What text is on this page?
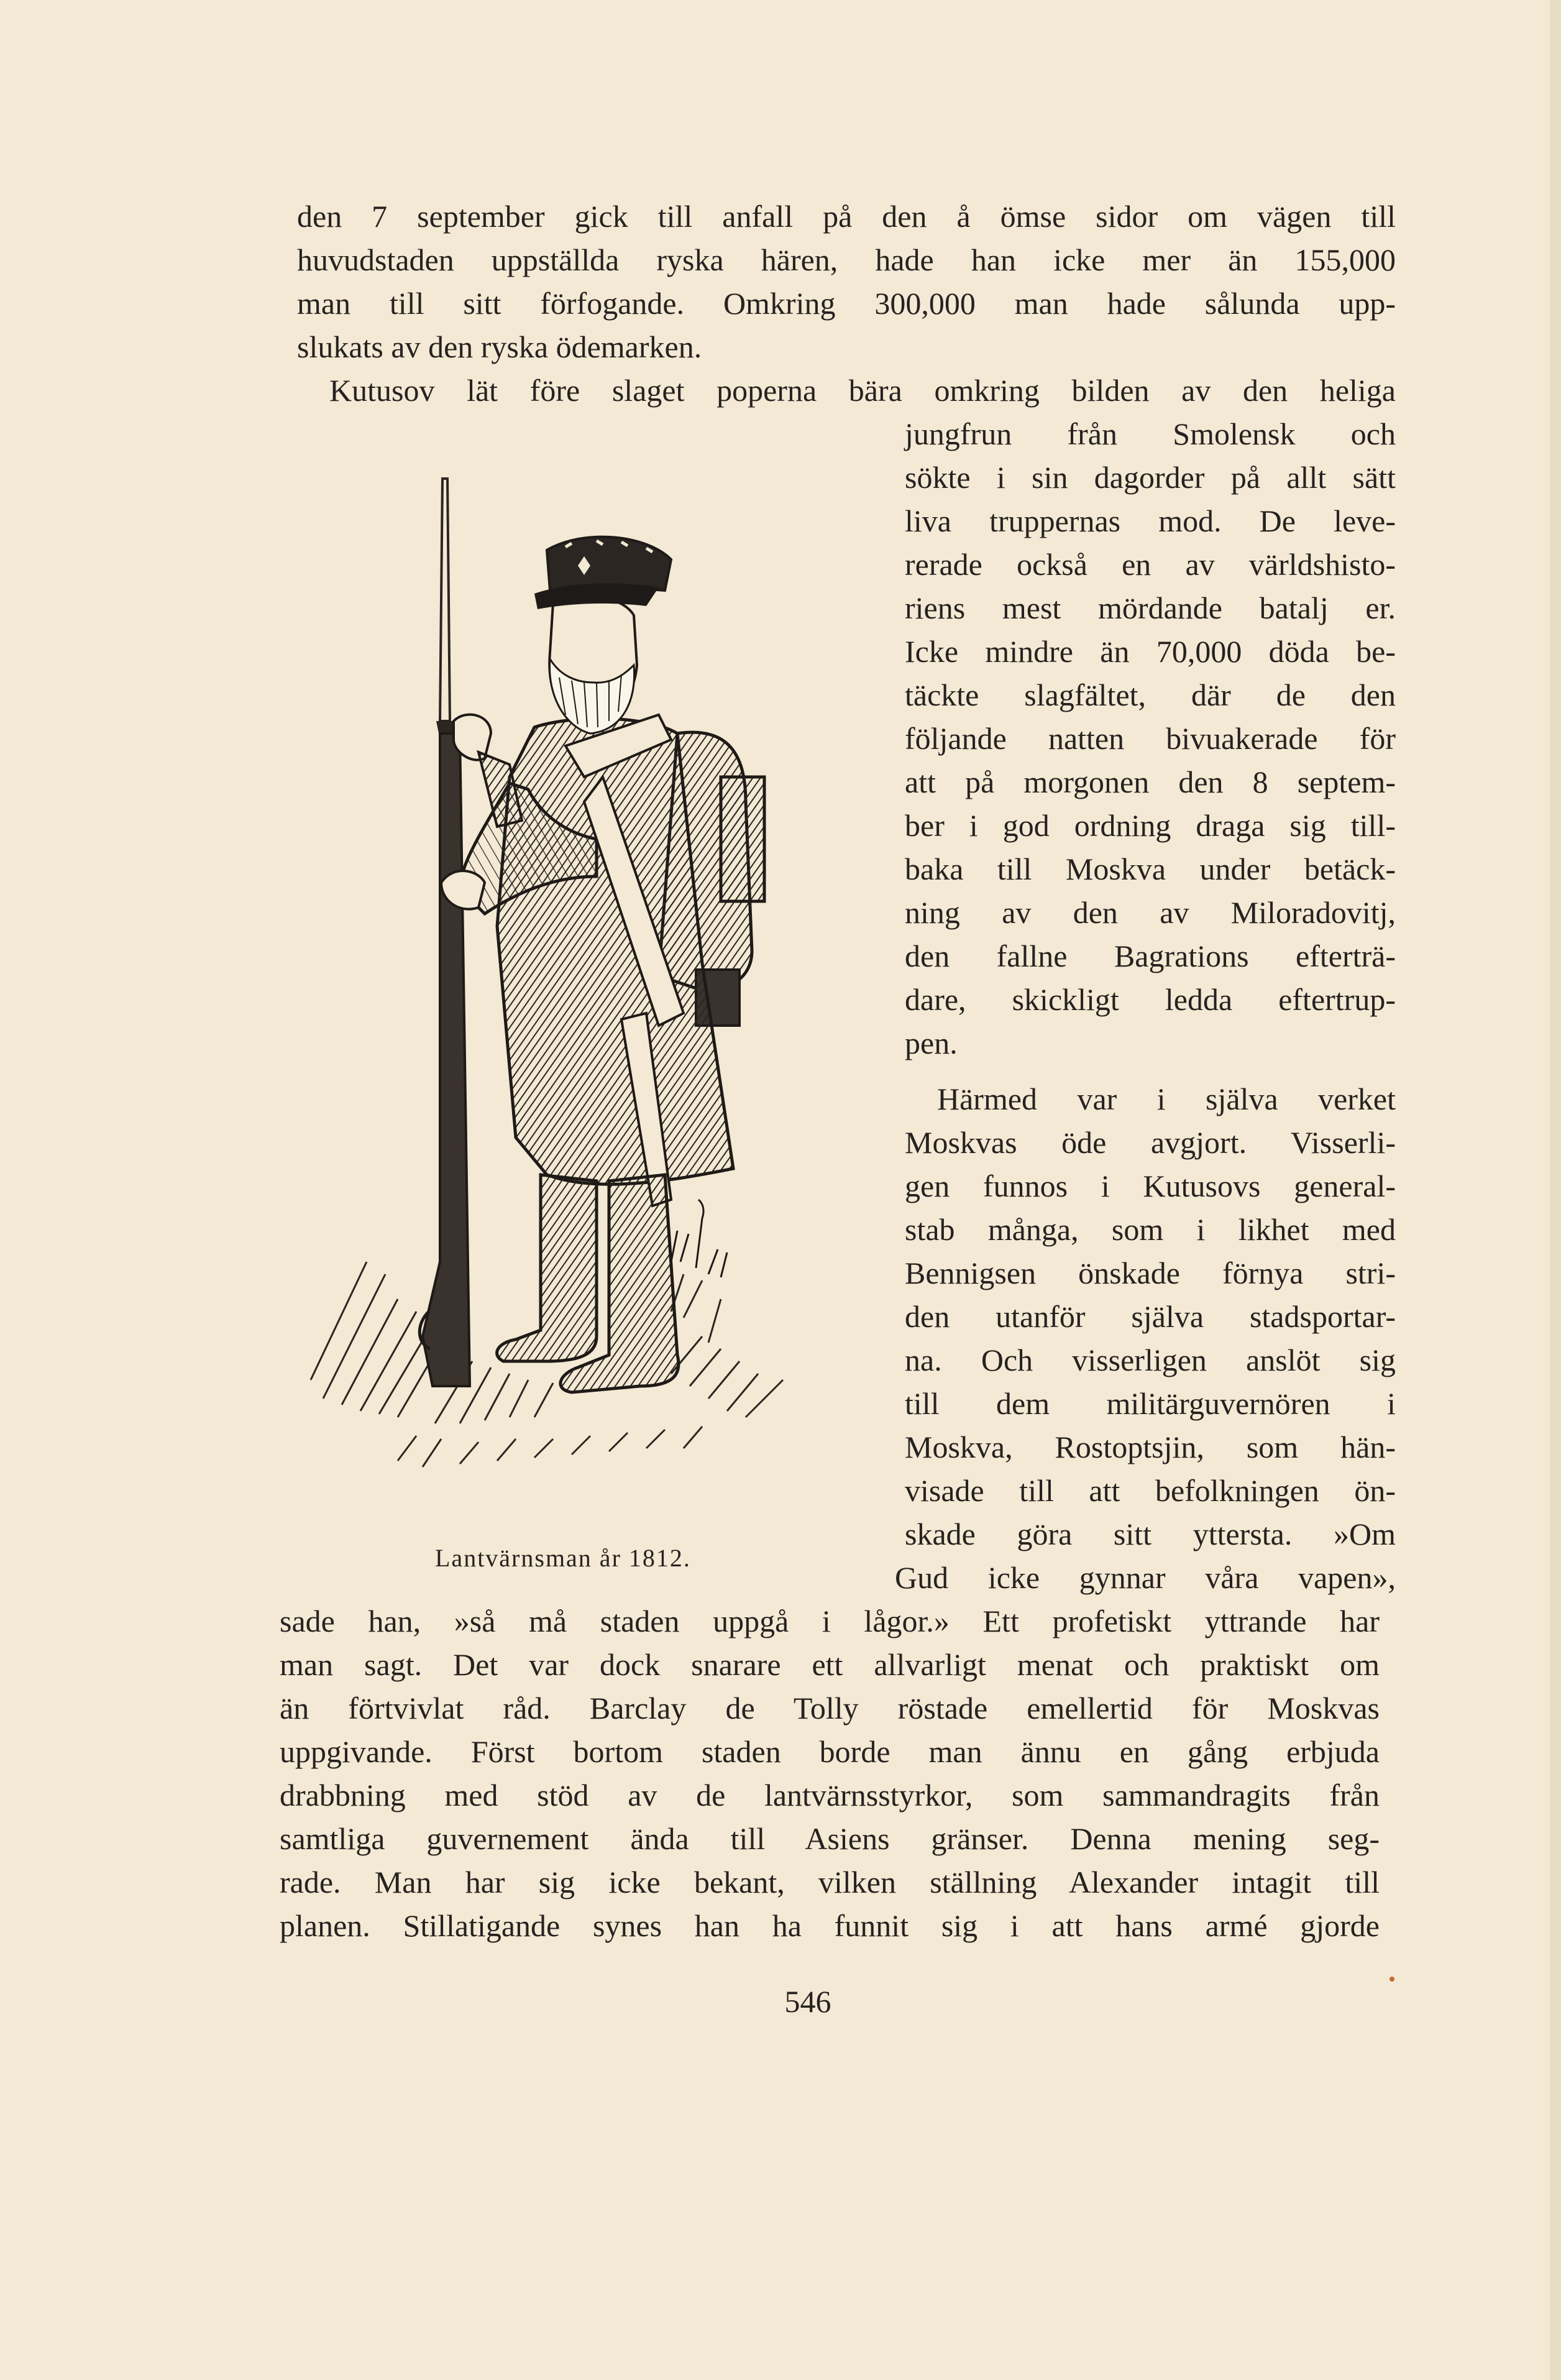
den 7 september gick till anfall på den å ömse sidor om vägen till

huvudstaden uppställda ryska hären, hade han icke mer än 155,000

man till sitt förfogande. Omkring 300,000 man hade sålunda upp-

slukats av den ryska ödemarken.

Kutusov lät före slaget poperna bära omkring bilden av den heliga

jungfrun från Smolensk och

sökte i sin dagorder på allt sätt

liva truppernas mod. De leve-

rerade också en av världshisto-

riens mest mördande batalj er.

Icke mindre än 70,000 döda be-

täckte slagfältet, där de den

följande natten bivuakerade för

att på morgonen den 8 septem-

ber i god ordning draga sig till-

baka till Moskva under betäck-

ning av den av Miloradovitj,

den fallne Bagrations efterträ-

dare, skickligt ledda eftertrup-

pen.

Härmed var i själva verket

Moskvas öde avgjort. Visserli-

gen funnos i Kutusovs general-

stab många, som i likhet med

Bennigsen önskade förnya stri-

den utanför själva stadsportar-

na. Och visserligen anslöt sig

till dem militärguvernören i

Moskva, Rostoptsjin, som hän-

visade till att befolkningen ön-

skade göra sitt yttersta. »Om

Gud icke gynnar våra vapen»,

sade han, »så må staden uppgå i lågor.» Ett profetiskt yttrande har

man sagt. Det var dock snarare ett allvarligt menat och praktiskt om

än förtvivlat råd. Barclay de Tolly röstade emellertid för Moskvas

uppgivande. Först bortom staden borde man ännu en gång erbjuda

drabbning med stöd av de lantvärnsstyrkor, som sammandragits från

samtliga guvernement ända till Asiens gränser. Denna mening seg-

rade. Man har sig icke bekant, vilken ställning Alexander intagit till

planen. Stillatigande synes han ha funnit sig i att hans armé gjorde

Lantvärnsman år 1812.

546
